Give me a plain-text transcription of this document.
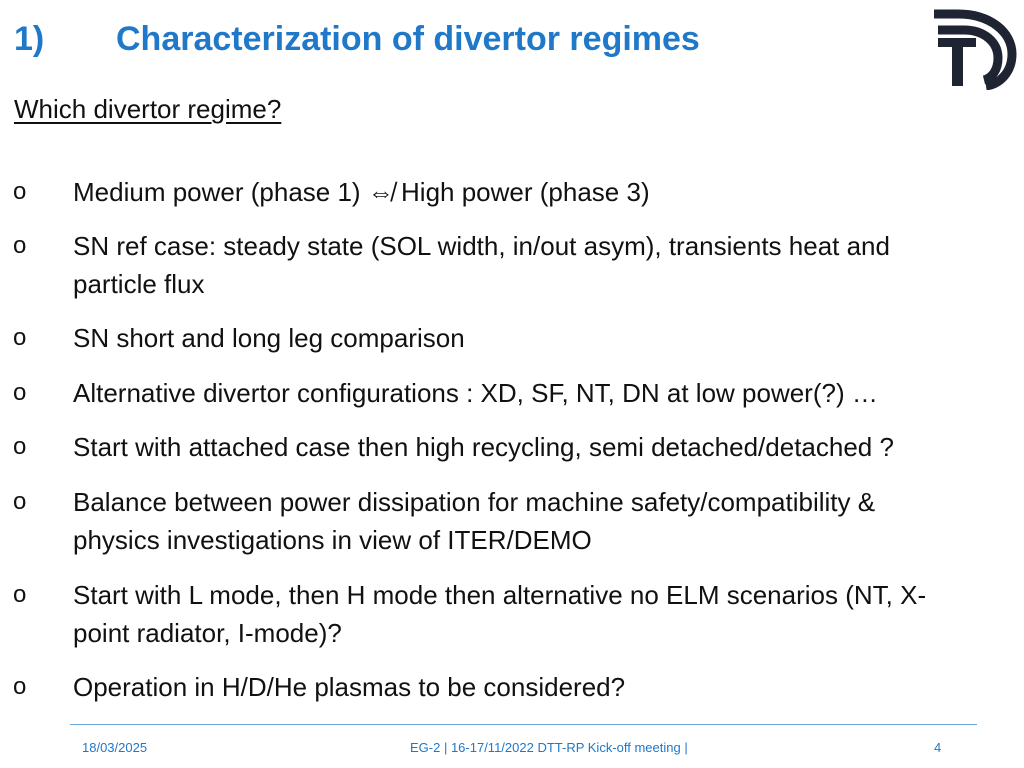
1) Characterization of divertor regimes
Which divertor regime?
o Medium power (phase 1) ⇎ High power (phase 3)
o SN ref case: steady state (SOL width, in/out asym), transients heat and
particle flux
o SN short and long leg comparison
o Alternative divertor configurations : XD, SF, NT, DN at low power(?) …
o Start with attached case then high recycling, semi detached/detached ?
o Balance between power dissipation for machine safety/compatibility &
physics investigations in view of ITER/DEMO
o Start with L mode, then H mode then alternative no ELM scenarios (NT, X-
point radiator, I-mode)?
o Operation in H/D/He plasmas to be considered?
18/03/2025	EG-2 | 16-17/11/2022 DTT-RP Kick-off meeting |	4
